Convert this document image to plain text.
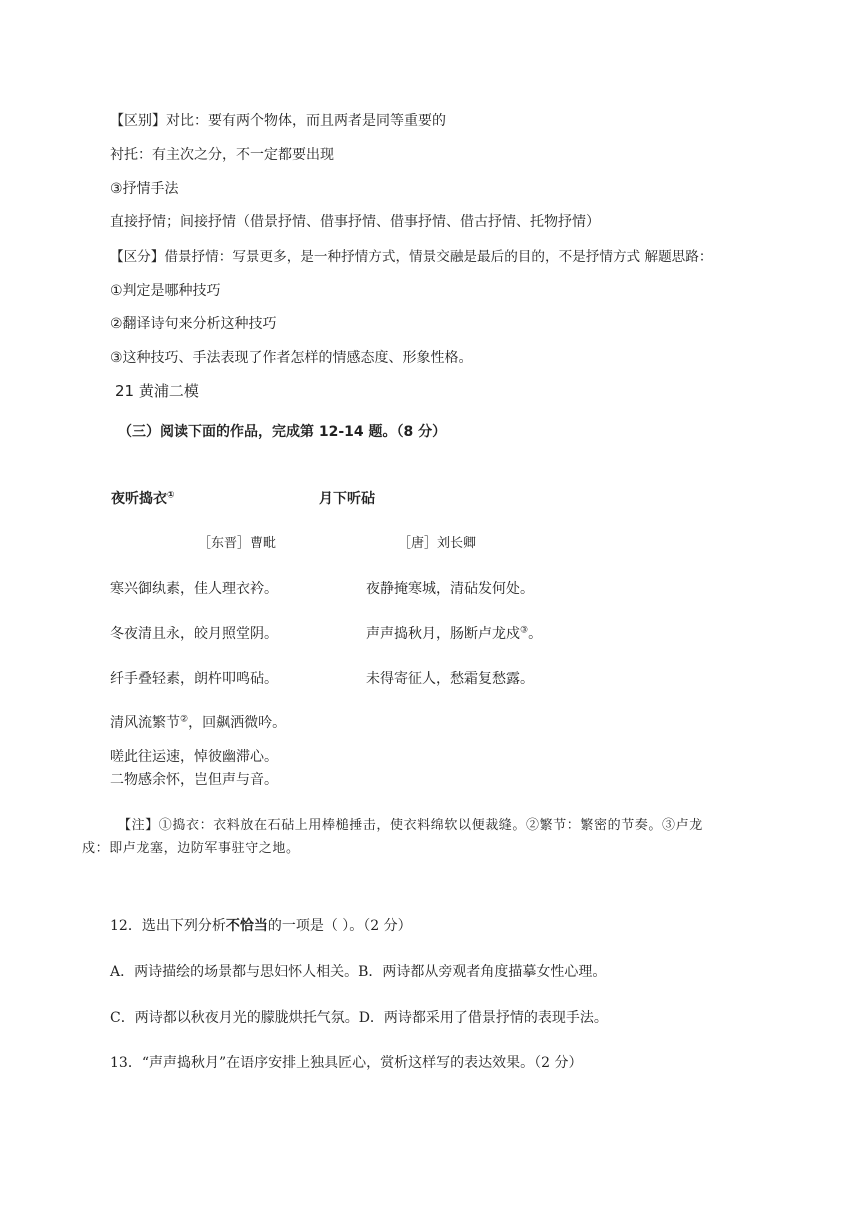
【区别】对比：要有两个物体，而且两者是同等重要的
衬托：有主次之分，不一定都要出现
③抒情手法
直接抒情；间接抒情（借景抒情、借事抒情、借事抒情、借古抒情、托物抒情）
【区分】借景抒情：写景更多，是一种抒情方式，情景交融是最后的目的，不是抒情方式 解题思路：
①判定是哪种技巧
②翻译诗句来分析这种技巧
③这种技巧、手法表现了作者怎样的情感态度、形象性格。
21 黄浦二模
（三）阅读下面的作品，完成第 12-14 题。（8 分）
夜听捣衣①	月下听砧
［东晋］曹毗	［唐］刘长卿
寒兴御纨素，佳人理衣衿。
冬夜清且永，皎月照堂阴。
纤手叠轻素，朗杵叩鸣砧。
清风流繁节②，回飙洒微吟。
嗟此往运速，悼彼幽滞心。
二物感余怀，岂但声与音。
夜静掩寒城，清砧发何处。
声声捣秋月，肠断卢龙戍③。
未得寄征人，愁霜复愁露。
【注】①捣衣：衣料放在石砧上用棒槌捶击，使衣料绵软以便裁缝。②繁节：繁密的节奏。③卢龙
戍：即卢龙塞，边防军事驻守之地。
12．选出下列分析不恰当的一项是（ ）。（2 分）
A．两诗描绘的场景都与思妇怀人相关。B．两诗都从旁观者角度描摹女性心理。
C．两诗都以秋夜月光的朦胧烘托气氛。D．两诗都采用了借景抒情的表现手法。
13．“声声捣秋月”在语序安排上独具匠心，赏析这样写的表达效果。（2 分）
